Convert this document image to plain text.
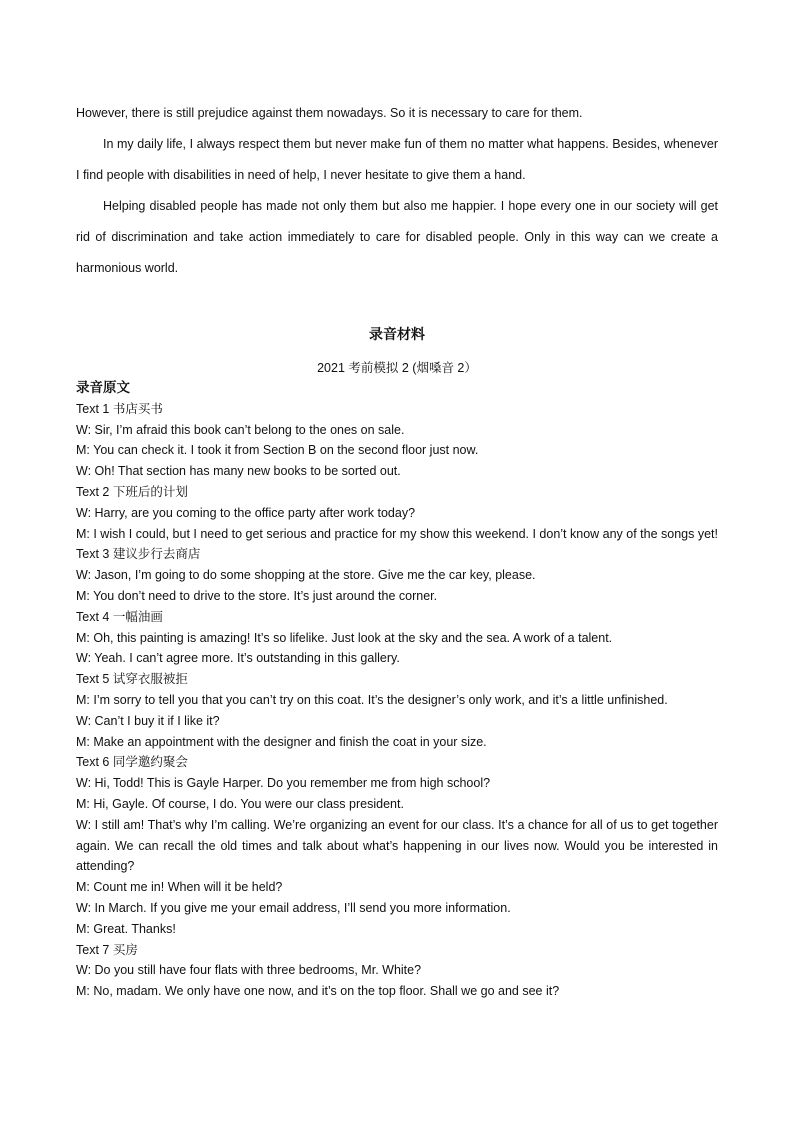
However, there is still prejudice against them nowadays. So it is necessary to care for them.

In my daily life, I always respect them but never make fun of them no matter what happens. Besides, whenever I find people with disabilities in need of help, I never hesitate to give them a hand.

Helping disabled people has made not only them but also me happier. I hope every one in our society will get rid of discrimination and take action immediately to care for disabled people. Only in this way can we create a harmonious world.

录音材料
2021 考前模拟 2 (烟嗓音 2）
录音原文

Text 1 书店买书

W: Sir, I’m afraid this book can’t belong to the ones on sale.

M: You can check it. I took it from Section B on the second floor just now.

W: Oh! That section has many new books to be sorted out.

Text 2 下班后的计划

W: Harry, are you coming to the office party after work today?

M: I wish I could, but I need to get serious and practice for my show this weekend. I don’t know any of the songs yet!

Text 3 建议步行去商店

W: Jason, I’m going to do some shopping at the store. Give me the car key, please.

M: You don’t need to drive to the store. It’s just around the corner.

Text 4 一幅油画

M: Oh, this painting is amazing! It’s so lifelike. Just look at the sky and the sea. A work of a talent.

W: Yeah. I can’t agree more. It’s outstanding in this gallery.

Text 5 试穿衣服被拒

M: I’m sorry to tell you that you can’t try on this coat. It’s the designer’s only work, and it’s a little unfinished.

W: Can’t I buy it if I like it?

M: Make an appointment with the designer and finish the coat in your size.

Text 6 同学邀约聚会

W: Hi, Todd! This is Gayle Harper. Do you remember me from high school?

M: Hi, Gayle. Of course, I do. You were our class president.

W: I still am! That’s why I’m calling. We’re organizing an event for our class. It’s a chance for all of us to get together again. We can recall the old times and talk about what’s happening in our lives now. Would you be interested in attending?

M: Count me in! When will it be held?

W: In March. If you give me your email address, I’ll send you more information.

M: Great. Thanks!

Text 7 买房

W: Do you still have four flats with three bedrooms, Mr. White?

M: No, madam. We only have one now, and it’s on the top floor. Shall we go and see it?
